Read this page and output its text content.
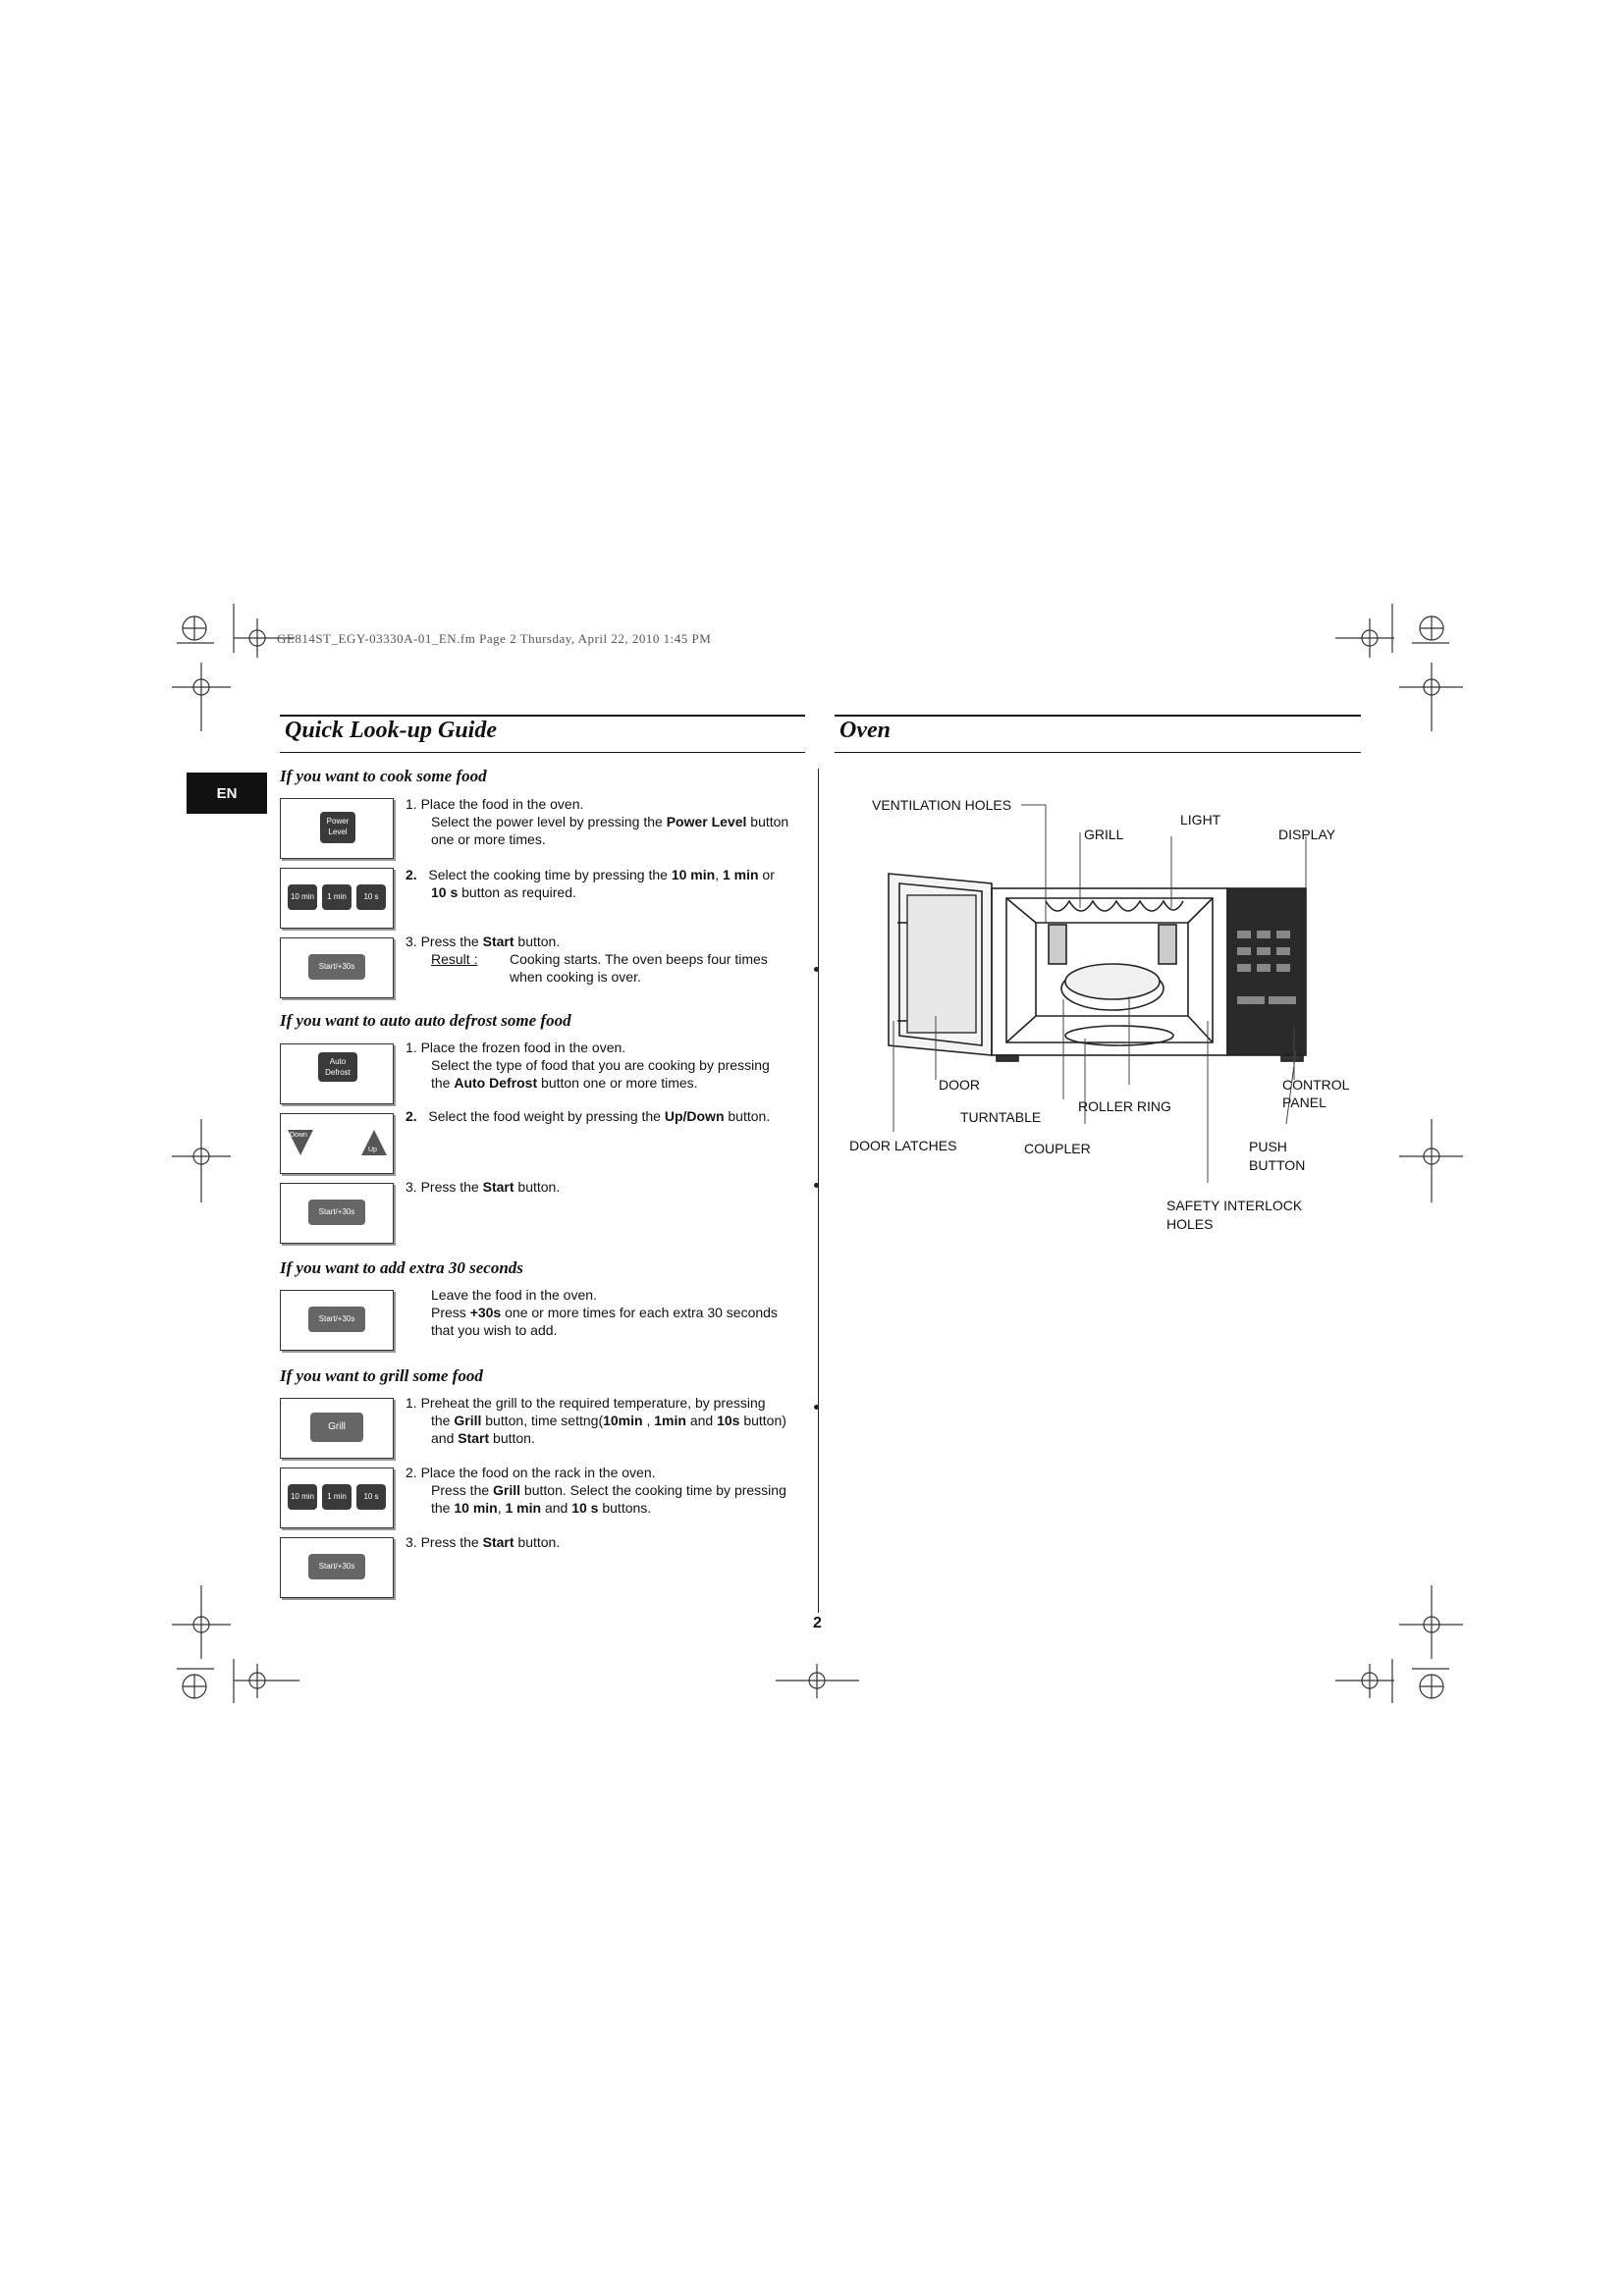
GE814ST_EGY-03330A-01_EN.fm Page 2 Thursday, April 22, 2010 1:45 PM
EN
Quick Look-up Guide
If you want to cook some food
Power Level
1. Place the food in the oven.
Select the power level by pressing the Power Level button
one or more times.
10 min	1 min	10 s
2. Select the cooking time by pressing the 10 min, 1 min or
10 s button as required.
Start/+30s
3. Press the Start button.
Result : Cooking starts. The oven beeps four times
when cooking is over.
If you want to auto auto defrost some food
Auto Defrost
1. Place the frozen food in the oven.
Select the type of food that you are cooking by pressing
the Auto Defrost button one or more times.
Down
Up
2. Select the food weight by pressing the Up/Down button.
Start/+30s
3. Press the Start button.
If you want to add extra 30 seconds
Start/+30s
Leave the food in the oven.
Press +30s one or more times for each extra 30 seconds
that you wish to add.
If you want to grill some food
Grill
1. Preheat the grill to the required temperature, by pressing
the Grill button, time settng(10min , 1min and 10s button)
and Start button.
10 min	1 min	10 s
2. Place the food on the rack in the oven.
Press the Grill button. Select the cooking time by pressing
the 10 min, 1 min and 10 s buttons.
Start/+30s
3. Press the Start button.
2
Oven
VENTILATION HOLES
GRILL
LIGHT
DISPLAY
DOOR	CONTROL
PANEL
ROLLER RING
TURNTABLE
DOOR LATCHES	COUPLER	PUSH
BUTTON
SAFETY INTERLOCK
HOLES
